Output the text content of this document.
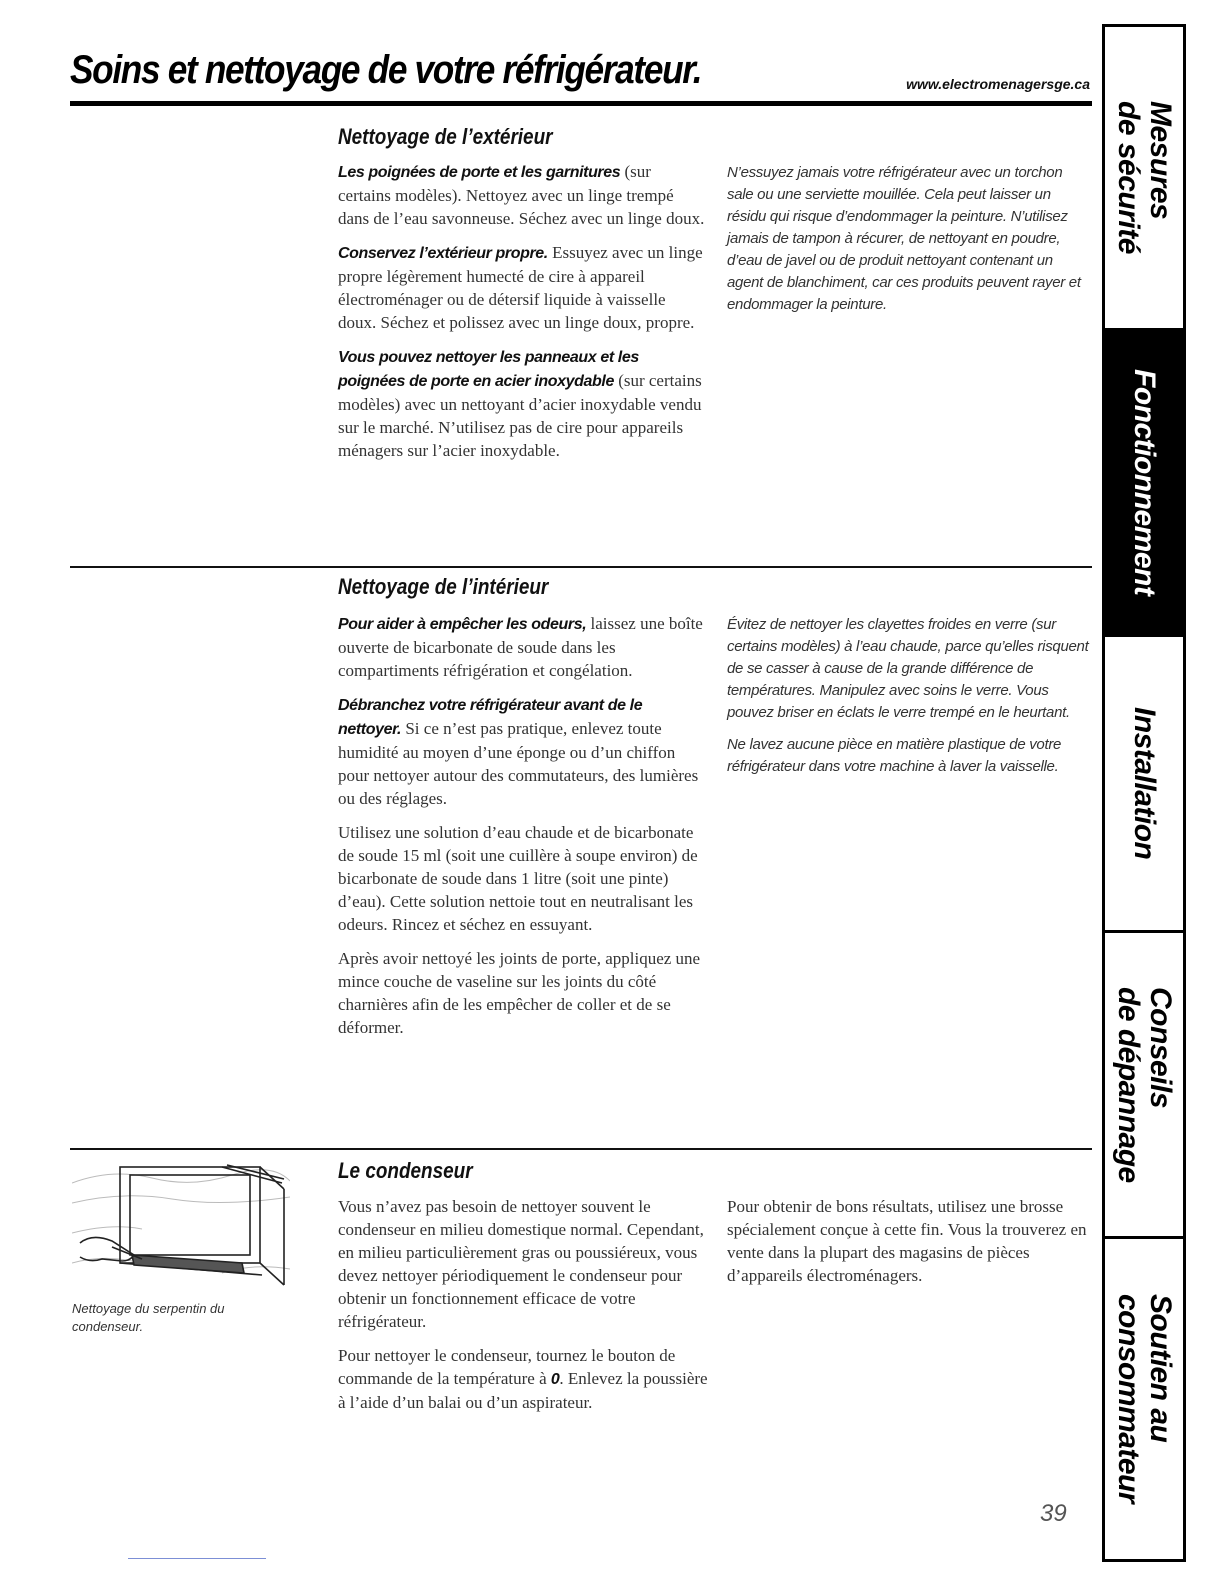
Soins et nettoyage de votre réfrigérateur.	www.electromenagersge.ca
Nettoyage de l’extérieur

Les poignées de porte et les garnitures (sur certains modèles). Nettoyez avec un linge trempé dans de l’eau savonneuse. Séchez avec un linge doux.

Conservez l’extérieur propre. Essuyez avec un linge propre légèrement humecté de cire à appareil électroménager ou de détersif liquide à vaisselle doux. Séchez et polissez avec un linge doux, propre.

Vous pouvez nettoyer les panneaux et les poignées de porte en acier inoxydable (sur certains modèles) avec un nettoyant d’acier inoxydable vendu sur le marché. N’utilisez pas de cire pour appareils ménagers sur l’acier inoxydable.

N’essuyez jamais votre réfrigérateur avec un torchon sale ou une serviette mouillée. Cela peut laisser un résidu qui risque d’endommager la peinture. N’utilisez jamais de tampon à récurer, de nettoyant en poudre, d’eau de javel ou de produit nettoyant contenant un agent de blanchiment, car ces produits peuvent rayer et endommager la peinture.

Nettoyage de l’intérieur

Pour aider à empêcher les odeurs, laissez une boîte ouverte de bicarbonate de soude dans les compartiments réfrigération et congélation.

Débranchez votre réfrigérateur avant de le nettoyer. Si ce n’est pas pratique, enlevez toute humidité au moyen d’une éponge ou d’un chiffon pour nettoyer autour des commutateurs, des lumières ou des réglages.

Utilisez une solution d’eau chaude et de bicarbonate de soude 15 ml (soit une cuillère à soupe environ) de bicarbonate de soude dans 1 litre (soit une pinte) d’eau). Cette solution nettoie tout en neutralisant les odeurs. Rincez et séchez en essuyant.

Après avoir nettoyé les joints de porte, appliquez une mince couche de vaseline sur les joints du côté charnières afin de les empêcher de coller et de se déformer.

Évitez de nettoyer les clayettes froides en verre (sur certains modèles) à l’eau chaude, parce qu’elles risquent de se casser à cause de la grande différence de températures. Manipulez avec soins le verre. Vous pouvez briser en éclats le verre trempé en le heurtant.

Ne lavez aucune pièce en matière plastique de votre réfrigérateur dans votre machine à laver la vaisselle.

Nettoyage du serpentin du condenseur.
Le condenseur

Vous n’avez pas besoin de nettoyer souvent le condenseur en milieu domestique normal. Cependant, en milieu particulièrement gras ou poussiéreux, vous devez nettoyer périodiquement le condenseur pour obtenir un fonctionnement efficace de votre réfrigérateur.

Pour nettoyer le condenseur, tournez le bouton de commande de la température à 0. Enlevez la poussière à l’aide d’un balai ou d’un aspirateur.

Pour obtenir de bons résultats, utilisez une brosse spécialement conçue à cette fin. Vous la trouverez en vente dans la plupart des magasins de pièces d’appareils électroménagers.

39
Mesures
de sécurité
Fonctionnement
Installation
Conseils
de dépannage
Soutien au
consommateur
